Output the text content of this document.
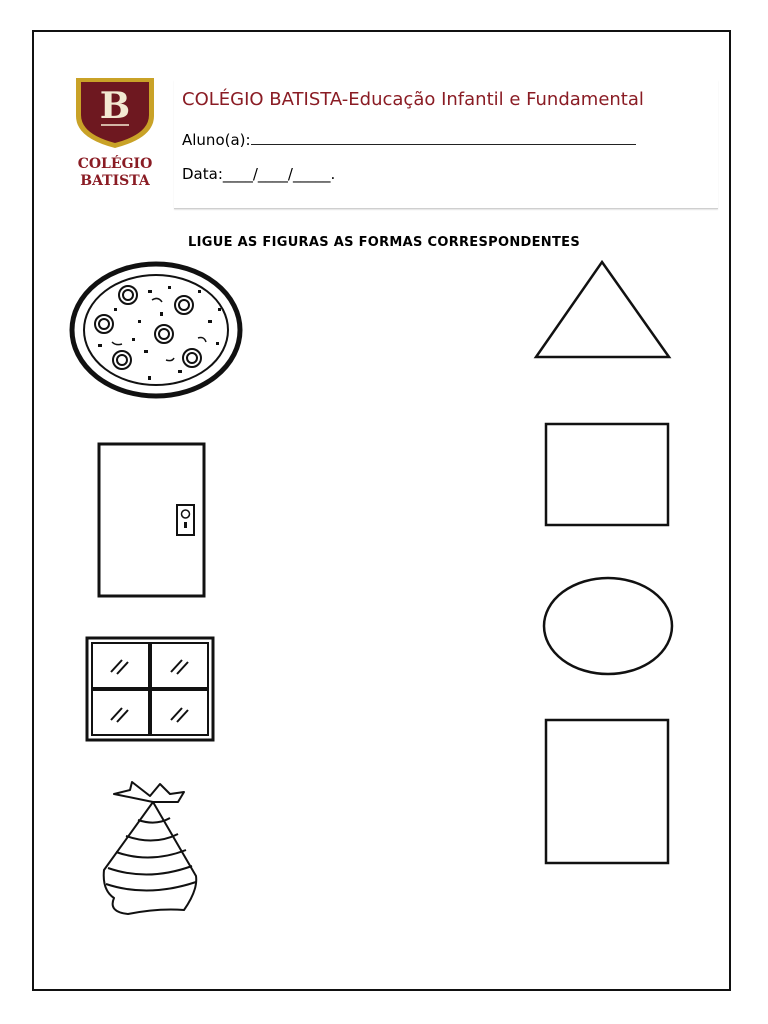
B
COLÉGIO
BATISTA
COLÉGIO BATISTA-Educação Infantil e Fundamental
Aluno(a):
Data:____/____/_____.
LIGUE AS FIGURAS AS FORMAS CORRESPONDENTES
